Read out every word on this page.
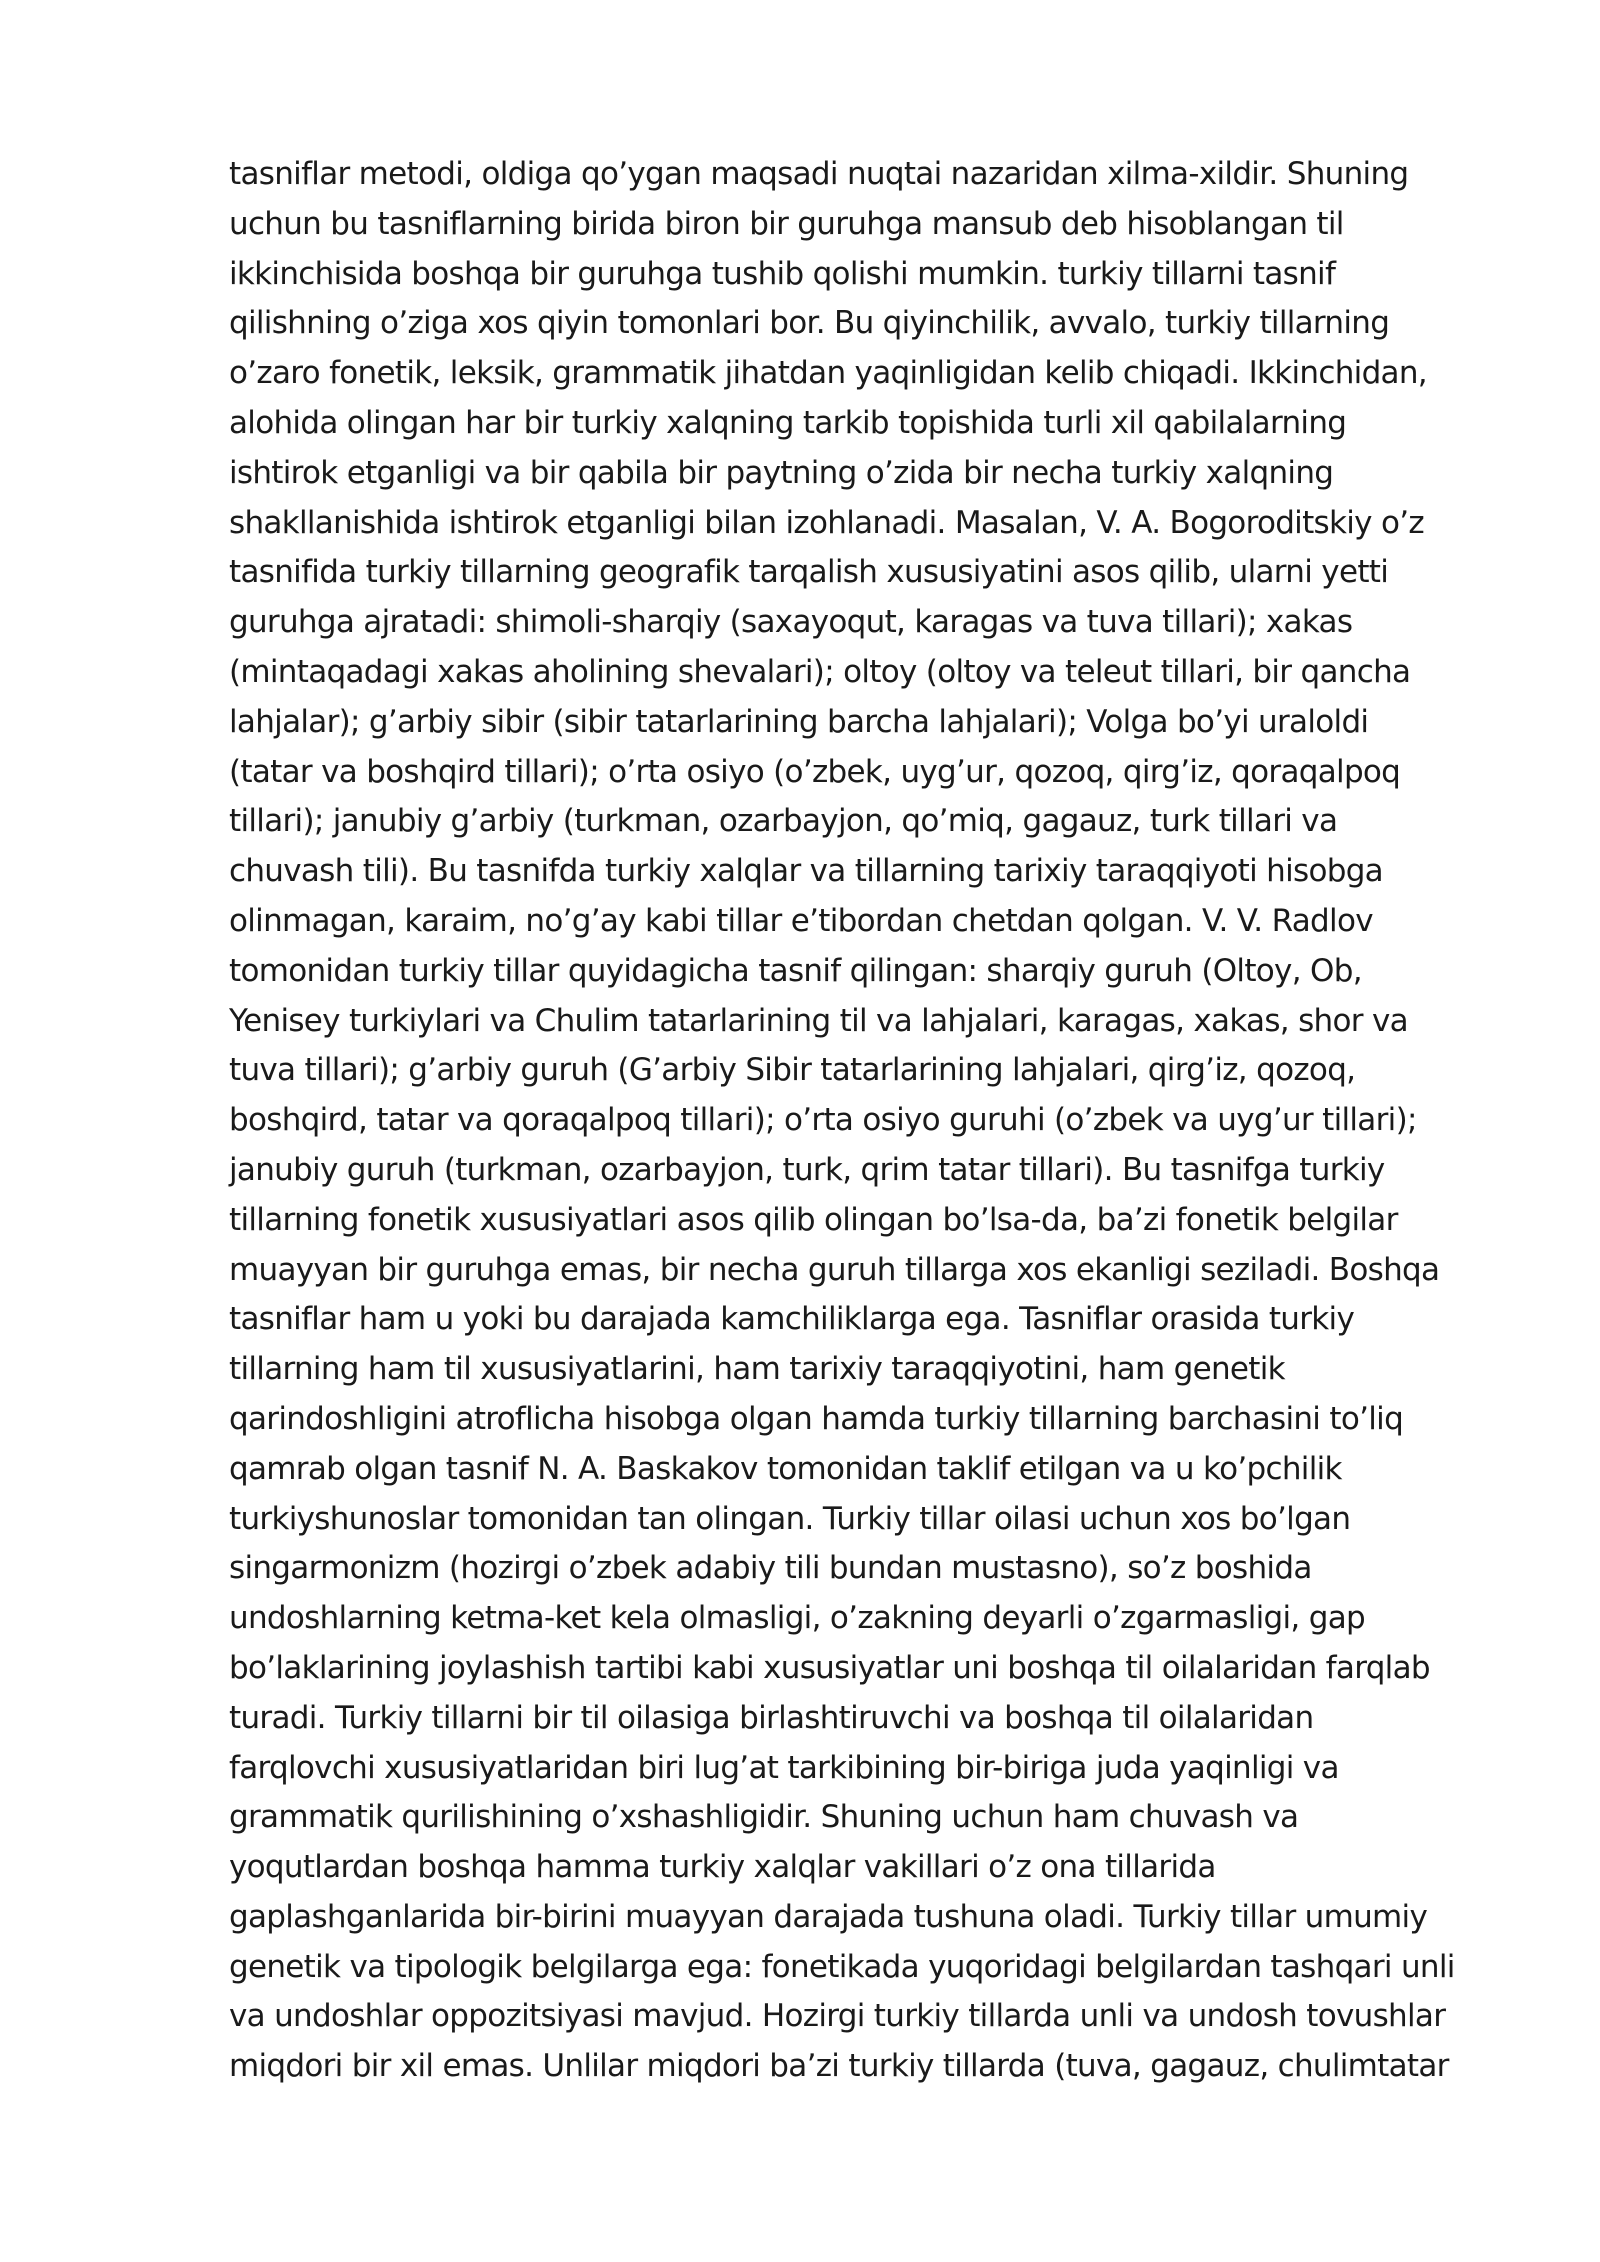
tasniflar metodi, oldiga qo’ygan maqsadi nuqtai nazaridan xilma-xildir. Shuning
uchun bu tasniflarning birida biron bir guruhga mansub deb hisoblangan til
ikkinchisida boshqa bir guruhga tushib qolishi mumkin. turkiy tillarni tasnif
qilishning o’ziga xos qiyin tomonlari bor. Bu qiyinchilik, avvalo, turkiy tillarning
o’zaro fonetik, leksik, grammatik jihatdan yaqinligidan kelib chiqadi. Ikkinchidan,
alohida olingan har bir turkiy xalqning tarkib topishida turli xil qabilalarning
ishtirok etganligi va bir qabila bir paytning o’zida bir necha turkiy xalqning
shakllanishida ishtirok etganligi bilan izohlanadi. Masalan, V. A. Bogoroditskiy o’z
tasnifida turkiy tillarning geografik tarqalish xususiyatini asos qilib, ularni yetti
guruhga ajratadi: shimoli-sharqiy (saxayoqut, karagas va tuva tillari); xakas
(mintaqadagi xakas aholining shevalari); oltoy (oltoy va teleut tillari, bir qancha
lahjalar); g’arbiy sibir (sibir tatarlarining barcha lahjalari); Volga bo’yi uraloldi
(tatar va boshqird tillari); o’rta osiyo (o’zbek, uyg’ur, qozoq, qirg’iz, qoraqalpoq
tillari); janubiy g’arbiy (turkman, ozarbayjon, qo’miq, gagauz, turk tillari va
chuvash tili). Bu tasnifda turkiy xalqlar va tillarning tarixiy taraqqiyoti hisobga
olinmagan, karaim, no’g’ay kabi tillar e’tibordan chetdan qolgan. V. V. Radlov
tomonidan turkiy tillar quyidagicha tasnif qilingan: sharqiy guruh (Oltoy, Ob,
Yenisey turkiylari va Chulim tatarlarining til va lahjalari, karagas, xakas, shor va
tuva tillari); g’arbiy guruh (G’arbiy Sibir tatarlarining lahjalari, qirg’iz, qozoq,
boshqird, tatar va qoraqalpoq tillari); o’rta osiyo guruhi (o’zbek va uyg’ur tillari);
janubiy guruh (turkman, ozarbayjon, turk, qrim tatar tillari). Bu tasnifga turkiy
tillarning fonetik xususiyatlari asos qilib olingan bo’lsa-da, ba’zi fonetik belgilar
muayyan bir guruhga emas, bir necha guruh tillarga xos ekanligi seziladi. Boshqa
tasniflar ham u yoki bu darajada kamchiliklarga ega. Tasniflar orasida turkiy
tillarning ham til xususiyatlarini, ham tarixiy taraqqiyotini, ham genetik
qarindoshligini atroflicha hisobga olgan hamda turkiy tillarning barchasini to’liq
qamrab olgan tasnif N. A. Baskakov tomonidan taklif etilgan va u ko’pchilik
turkiyshunoslar tomonidan tan olingan. Turkiy tillar oilasi uchun xos bo’lgan
singarmonizm (hozirgi o’zbek adabiy tili bundan mustasno), so’z boshida
undoshlarning ketma-ket kela olmasligi, o’zakning deyarli o’zgarmasligi, gap
bo’laklarining joylashish tartibi kabi xususiyatlar uni boshqa til oilalaridan farqlab
turadi. Turkiy tillarni bir til oilasiga birlashtiruvchi va boshqa til oilalaridan
farqlovchi xususiyatlaridan biri lug’at tarkibining bir-biriga juda yaqinligi va
grammatik qurilishining o’xshashligidir. Shuning uchun ham chuvash va
yoqutlardan boshqa hamma turkiy xalqlar vakillari o’z ona tillarida
gaplashganlarida bir-birini muayyan darajada tushuna oladi. Turkiy tillar umumiy
genetik va tipologik belgilarga ega: fonetikada yuqoridagi belgilardan tashqari unli
va undoshlar oppozitsiyasi mavjud. Hozirgi turkiy tillarda unli va undosh tovushlar
miqdori bir xil emas. Unlilar miqdori ba’zi turkiy tillarda (tuva, gagauz, chulimtatar
